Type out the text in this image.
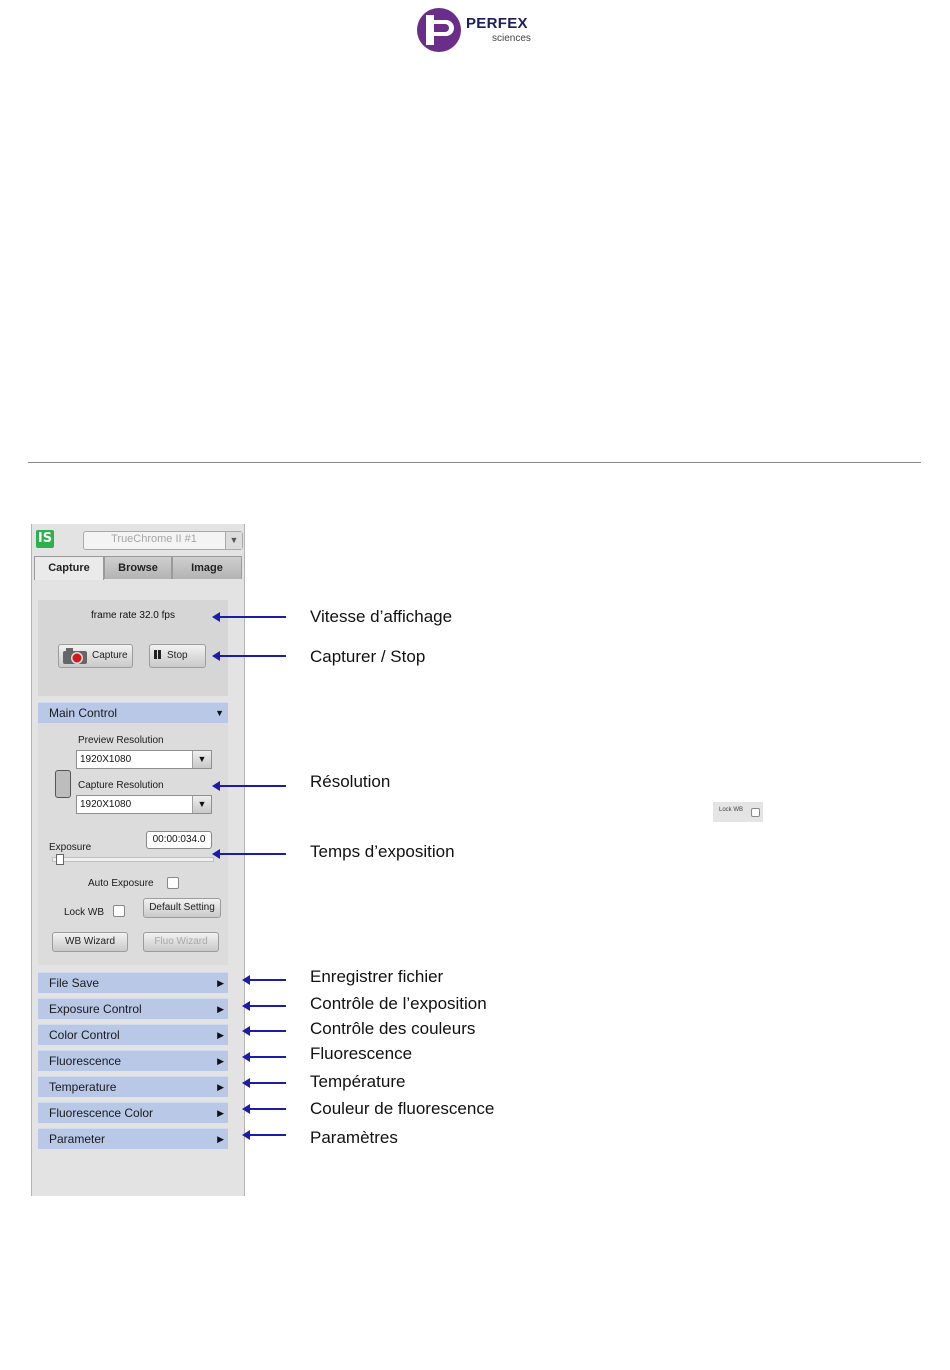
PERFEX
sciences
IS	TrueChrome II #1	▼
Capture	Browse	Image
frame rate 32.0 fps
Capture	Stop
Main Control	▼
Preview Resolution
1920X1080	▼
Capture Resolution
1920X1080	▼
00:00:034.0
Exposure
Auto Exposure
Lock WB	Default Setting
WB Wizard	Fluo Wizard
File Save	▶
Exposure Control	▶
Color Control	▶
Fluorescence	▶
Temperature	▶
Fluorescence Color	▶
Parameter	▶
Vitesse d’affichage
Capturer / Stop
Résolution
Temps d’exposition
Enregistrer fichier
Contrôle de l’exposition
Contrôle des couleurs
Fluorescence
Température
Couleur de fluorescence
Paramètres
Lock WB
